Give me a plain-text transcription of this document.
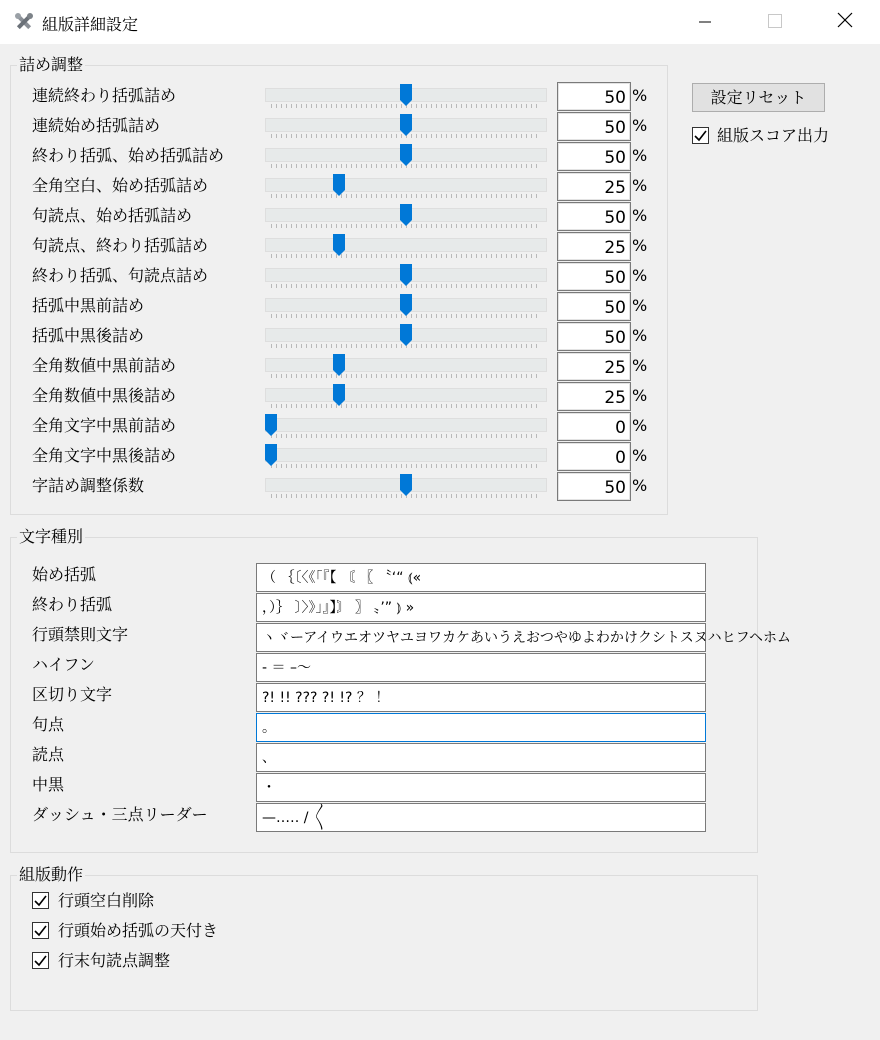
組版詳細設定
詰め調整
連続終わり括弧詰め	50 %
連続始め括弧詰め	50 %
終わり括弧、始め括弧詰め	50 %
全角空白、始め括弧詰め	25 %
句読点、始め括弧詰め	50 %
句読点、終わり括弧詰め	25 %
終わり括弧、句読点詰め	50 %
括弧中黒前詰め	50 %
括弧中黒後詰め	50 %
全角数値中黒前詰め	25 %
全角数値中黒後詰め	25 %
全角文字中黒前詰め	0 %
全角文字中黒後詰め	0 %
字詰め調整係数	50 %
設定リセット
組版スコア出力
文字種別
始め括弧	（ ｛〔〈《「『【 〘 〖 〝‘“ ⦅«
終わり括弧	，）｝ 〕〉》」』】〙 〗 〟’” ⦆ »
行頭禁則文字	ヽヾーアイウエオツヤユヨワカケあいうえおつやゆよわかけクシトスヌハヒフヘホム
ハイフン	‐ ＝ –〜
区切り文字	?! !! ??? ?! !? ？ ！
句点	。
読点	、
中黒	・
ダッシュ・三点リーダー	—…‥ / 〳〵
組版動作
行頭空白削除
行頭始め括弧の天付き
行末句読点調整
